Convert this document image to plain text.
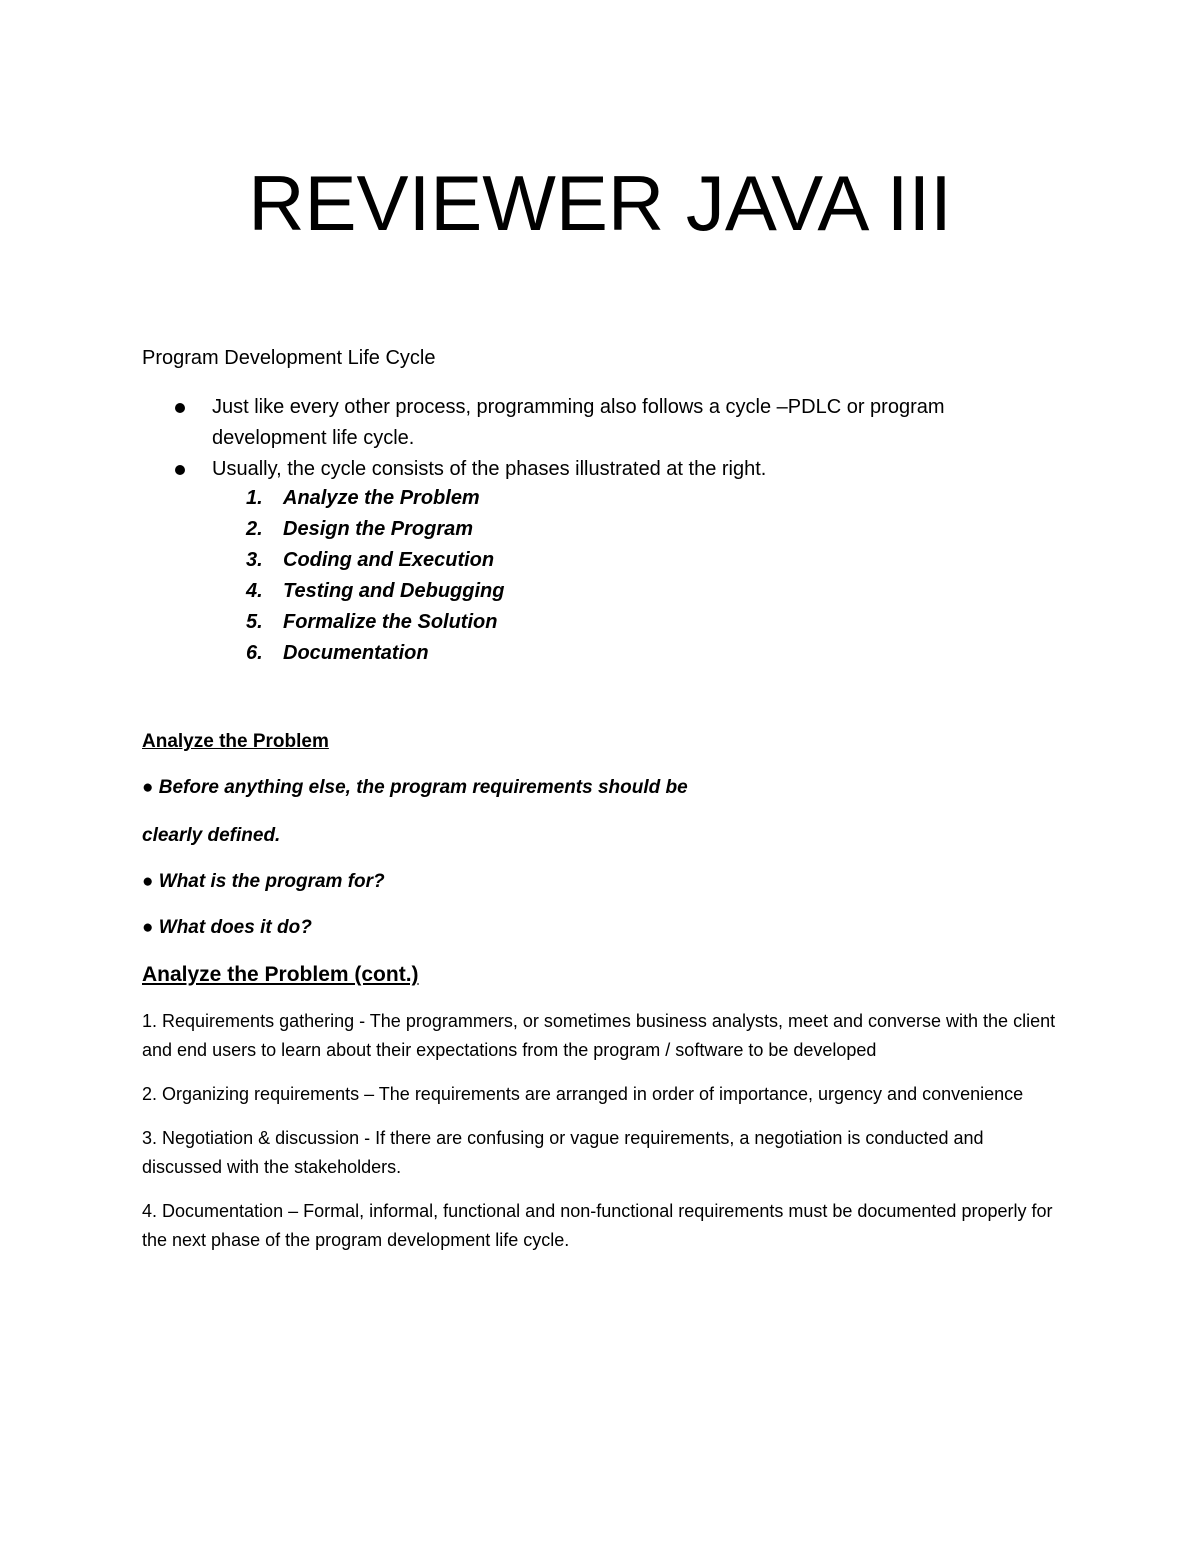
REVIEWER JAVA III
Program Development Life Cycle
Just like every other process, programming also follows a cycle –PDLC or program development life cycle.
Usually, the cycle consists of the phases illustrated at the right.
1. Analyze the Problem
2. Design the Program
3. Coding and Execution
4. Testing and Debugging
5. Formalize the Solution
6. Documentation
Analyze the Problem
● Before anything else, the program requirements should be
clearly defined.
● What is the program for?
● What does it do?
Analyze the Problem (cont.)

1. Requirements gathering - The programmers, or sometimes business analysts, meet and converse with the client and end users to learn about their expectations from the program / software to be developed

2. Organizing requirements – The requirements are arranged in order of importance, urgency and convenience

3. Negotiation & discussion - If there are confusing or vague requirements, a negotiation is conducted and discussed with the stakeholders.

4. Documentation – Formal, informal, functional and non-functional requirements must be documented properly for the next phase of the program development life cycle.
